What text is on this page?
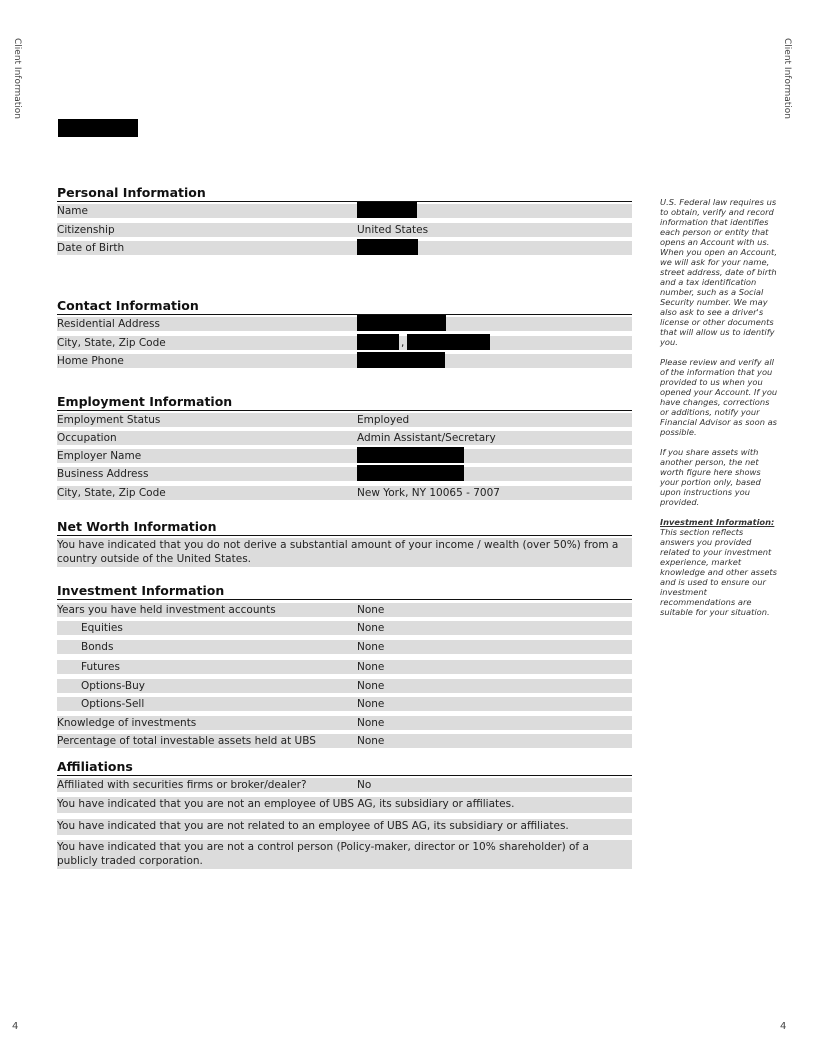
Client Information	Client Information
Personal Information
Name
Citizenship	United States
Date of Birth
Contact Information
Residential Address
City, State, Zip Code	,
Home Phone
Employment Information
Employment Status	Employed
Occupation	Admin Assistant/Secretary
Employer Name
Business Address
City, State, Zip Code	New York, NY 10065 - 7007
Net Worth Information
You have indicated that you do not derive a substantial amount of your income / wealth (over 50%) from a country outside of the United States.
Investment Information
Years you have held investment accounts	None
Equities	None
Bonds	None
Futures	None
Options-Buy	None
Options-Sell	None
Knowledge of investments	None
Percentage of total investable assets held at UBS	None
Affiliations
Affiliated with securities firms or broker/dealer?	No
You have indicated that you are not an employee of UBS AG, its subsidiary or affiliates.
You have indicated that you are not related to an employee of UBS AG, its subsidiary or affiliates.
You have indicated that you are not a control person (Policy-maker, director or 10% shareholder) of a publicly traded corporation.

U.S. Federal law requires us to obtain, verify and record information that identifies each person or entity that opens an Account with us. When you open an Account, we will ask for your name, street address, date of birth and a tax identification number, such as a Social Security number. We may also ask to see a driver's license or other documents that will allow us to identify you.

Please review and verify all of the information that you provided to us when you opened your Account. If you have changes, corrections or additions, notify your Financial Advisor as soon as possible.

If you share assets with another person, the net worth figure here shows your portion only, based upon instructions you provided.

Investment Information:
This section reflects answers you provided related to your investment experience, market knowledge and other assets and is used to ensure our investment recommendations are suitable for your situation.

4	4
